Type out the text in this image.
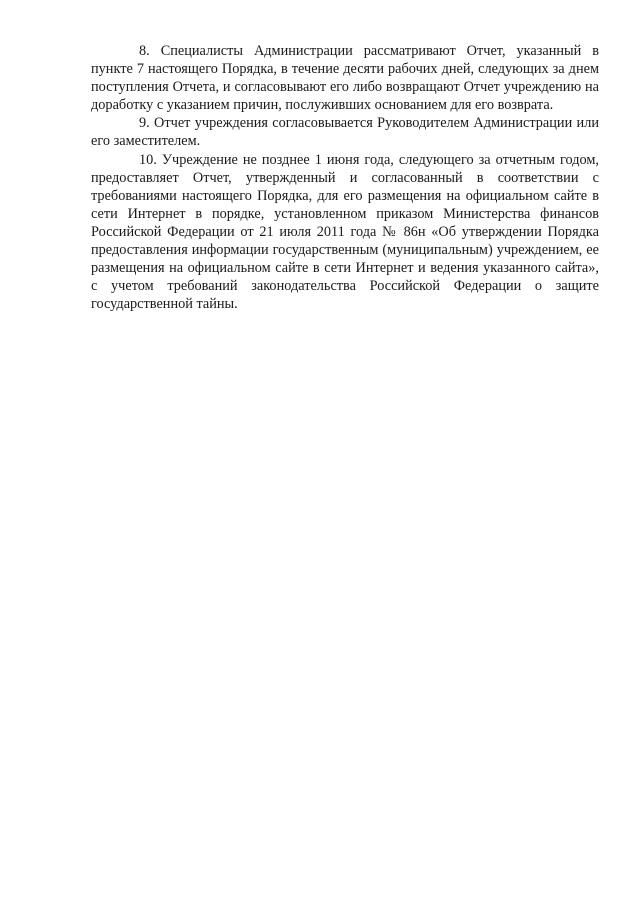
8. Специалисты Администрации рассматривают Отчет, указанный в пункте 7 настоящего Порядка, в течение десяти рабочих дней, следующих за днем поступления Отчета, и согласовывают его либо возвращают Отчет учреждению на доработку с указанием причин, послуживших основанием для его возврата.

9. Отчет учреждения согласовывается Руководителем Администрации или его заместителем.

10. Учреждение не позднее 1 июня года, следующего за отчетным годом, предоставляет Отчет, утвержденный и согласованный в соответствии с требованиями настоящего Порядка, для его размещения на официальном сайте в сети Интернет в порядке, установленном приказом Министерства финансов Российской Федерации от 21 июля 2011 года № 86н «Об утверждении Порядка предоставления информации государственным (муниципальным) учреждением, ее размещения на официальном сайте в сети Интернет и ведения указанного сайта», с учетом требований законодательства Российской Федерации о защите государственной тайны.
